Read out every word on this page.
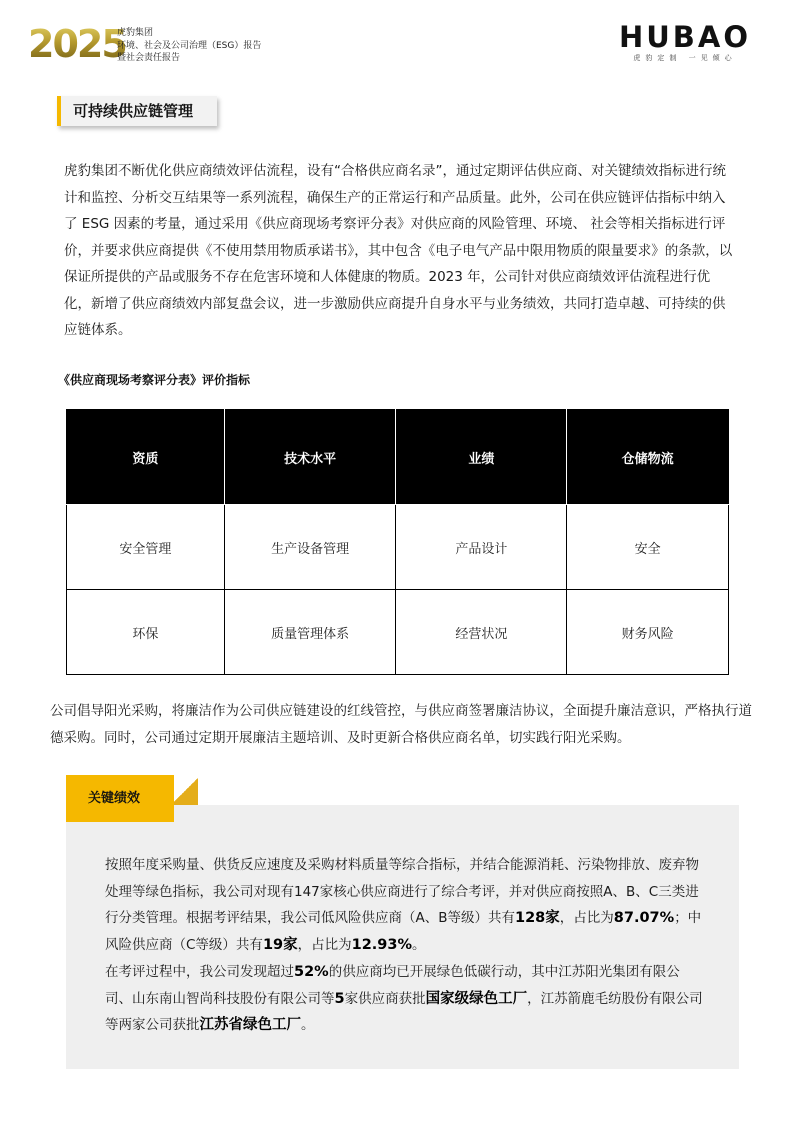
2025
虎豹集团
环境、社会及公司治理（ESG）报告
暨社会责任报告
HUBAO
虎豹定制 一见倾心
可持续供应链管理
虎豹集团不断优化供应商绩效评估流程，设有“合格供应商名录”，通过定期评估供应商、对关键绩效指标进行统计和监控、分析交互结果等一系列流程，确保生产的正常运行和产品质量。此外，公司在供应链评估指标中纳入了 ESG 因素的考量，通过采用《供应商现场考察评分表》对供应商的风险管理、环境、 社会等相关指标进行评价，并要求供应商提供《不使用禁用物质承诺书》，其中包含《电子电气产品中限用物质的限量要求》的条款，以保证所提供的产品或服务不存在危害环境和人体健康的物质。2023 年，公司针对供应商绩效评估流程进行优化，新增了供应商绩效内部复盘会议，进一步激励供应商提升自身水平与业务绩效，共同打造卓越、可持续的供应链体系。
《供应商现场考察评分表》评价指标
资质	技术水平	业绩	仓储物流
安全管理	生产设备管理	产品设计	安全
环保	质量管理体系	经营状况	财务风险
公司倡导阳光采购，将廉洁作为公司供应链建设的红线管控，与供应商签署廉洁协议，全面提升廉洁意识，严格执行道德采购。同时，公司通过定期开展廉洁主题培训、及时更新合格供应商名单，切实践行阳光采购。
关键绩效
按照年度采购量、供货反应速度及采购材料质量等综合指标，并结合能源消耗、污染物排放、废弃物处理等绿色指标，我公司对现有147家核心供应商进行了综合考评，并对供应商按照A、B、C三类进行分类管理。根据考评结果，我公司低风险供应商（A、B等级）共有128家，占比为87.07%；中风险供应商（C等级）共有19家，占比为12.93%。
在考评过程中，我公司发现超过52%的供应商均已开展绿色低碳行动，其中江苏阳光集团有限公司、山东南山智尚科技股份有限公司等5家供应商获批国家级绿色工厂，江苏箭鹿毛纺股份有限公司等两家公司获批江苏省绿色工厂。
